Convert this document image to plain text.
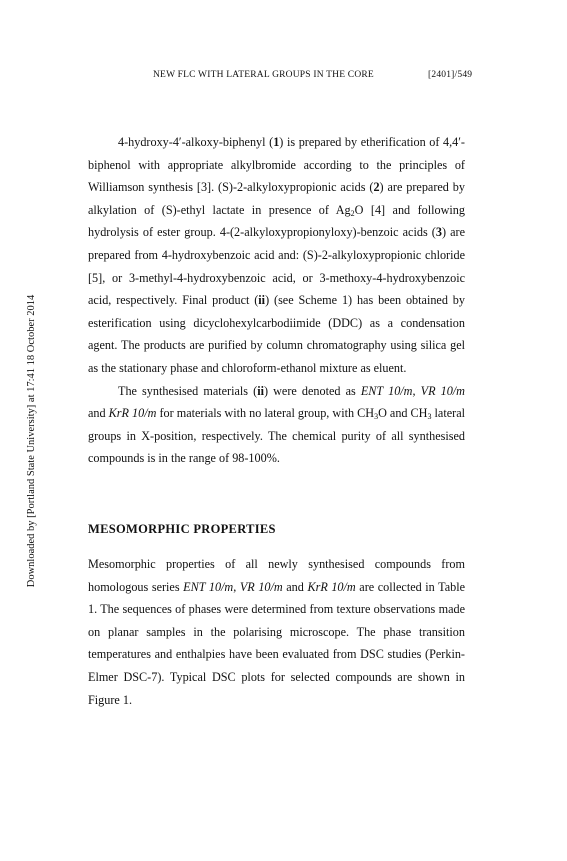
NEW FLC WITH LATERAL GROUPS IN THE CORE	[2401]/549
Downloaded by [Portland State University] at 17:41 18 October 2014

4-hydroxy-4′-alkoxy-biphenyl (1) is prepared by etherification of 4,4′-biphenol with appropriate alkylbromide according to the principles of Williamson synthesis [3]. (S)-2-alkyloxypropionic acids (2) are prepared by alkylation of (S)-ethyl lactate in presence of $Ag_2O$ [4] and following hydrolysis of ester group. 4-(2-alkyloxypropionyloxy)-benzoic acids (3) are prepared from 4-hydroxybenzoic acid and: (S)-2-alkyloxypropionic chloride [5], or 3-methyl-4-hydroxybenzoic acid, or 3-methoxy-4-hydroxybenzoic acid, respectively. Final product (ii) (see Scheme 1) has been obtained by esterification using dicyclohexylcarbodiimide (DDC) as a condensation agent. The products are purified by column chromatography using silica gel as the stationary phase and chloroform-ethanol mixture as eluent.

The synthesised materials (ii) were denoted as ENT 10/m, VR 10/m and KrR 10/m for materials with no lateral group, with $CH_3O$ and $CH_3$ lateral groups in X-position, respectively. The chemical purity of all synthesised compounds is in the range of 98-100%.

MESOMORPHIC PROPERTIES

Mesomorphic properties of all newly synthesised compounds from homologous series ENT 10/m, VR 10/m and KrR 10/m are collected in Table 1. The sequences of phases were determined from texture observations made on planar samples in the polarising microscope. The phase transition temperatures and enthalpies have been evaluated from DSC studies (Perkin-Elmer DSC-7). Typical DSC plots for selected compounds are shown in Figure 1.
